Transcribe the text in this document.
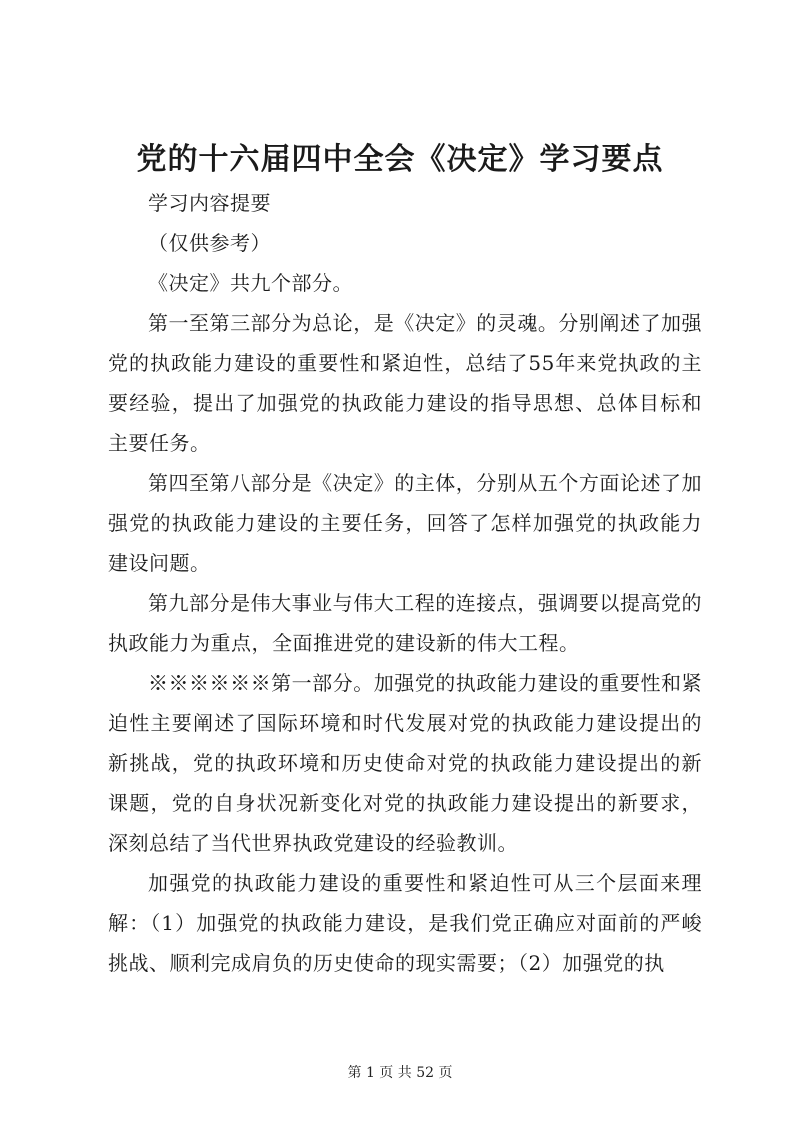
党的十六届四中全会《决定》学习要点

学习内容提要

（仅供参考）

《决定》共九个部分。

第一至第三部分为总论，是《决定》的灵魂。分别阐述了加强党的执政能力建设的重要性和紧迫性，总结了55年来党执政的主要经验，提出了加强党的执政能力建设的指导思想、总体目标和主要任务。

第四至第八部分是《决定》的主体，分别从五个方面论述了加强党的执政能力建设的主要任务，回答了怎样加强党的执政能力建设问题。

第九部分是伟大事业与伟大工程的连接点，强调要以提高党的执政能力为重点，全面推进党的建设新的伟大工程。

※※※※※※第一部分。加强党的执政能力建设的重要性和紧迫性主要阐述了国际环境和时代发展对党的执政能力建设提出的新挑战，党的执政环境和历史使命对党的执政能力建设提出的新课题，党的自身状况新变化对党的执政能力建设提出的新要求，深刻总结了当代世界执政党建设的经验教训。

加强党的执政能力建设的重要性和紧迫性可从三个层面来理解：（1）加强党的执政能力建设，是我们党正确应对面前的严峻挑战、顺利完成肩负的历史使命的现实需要；（2）加强党的执

第 1 页 共 52 页
